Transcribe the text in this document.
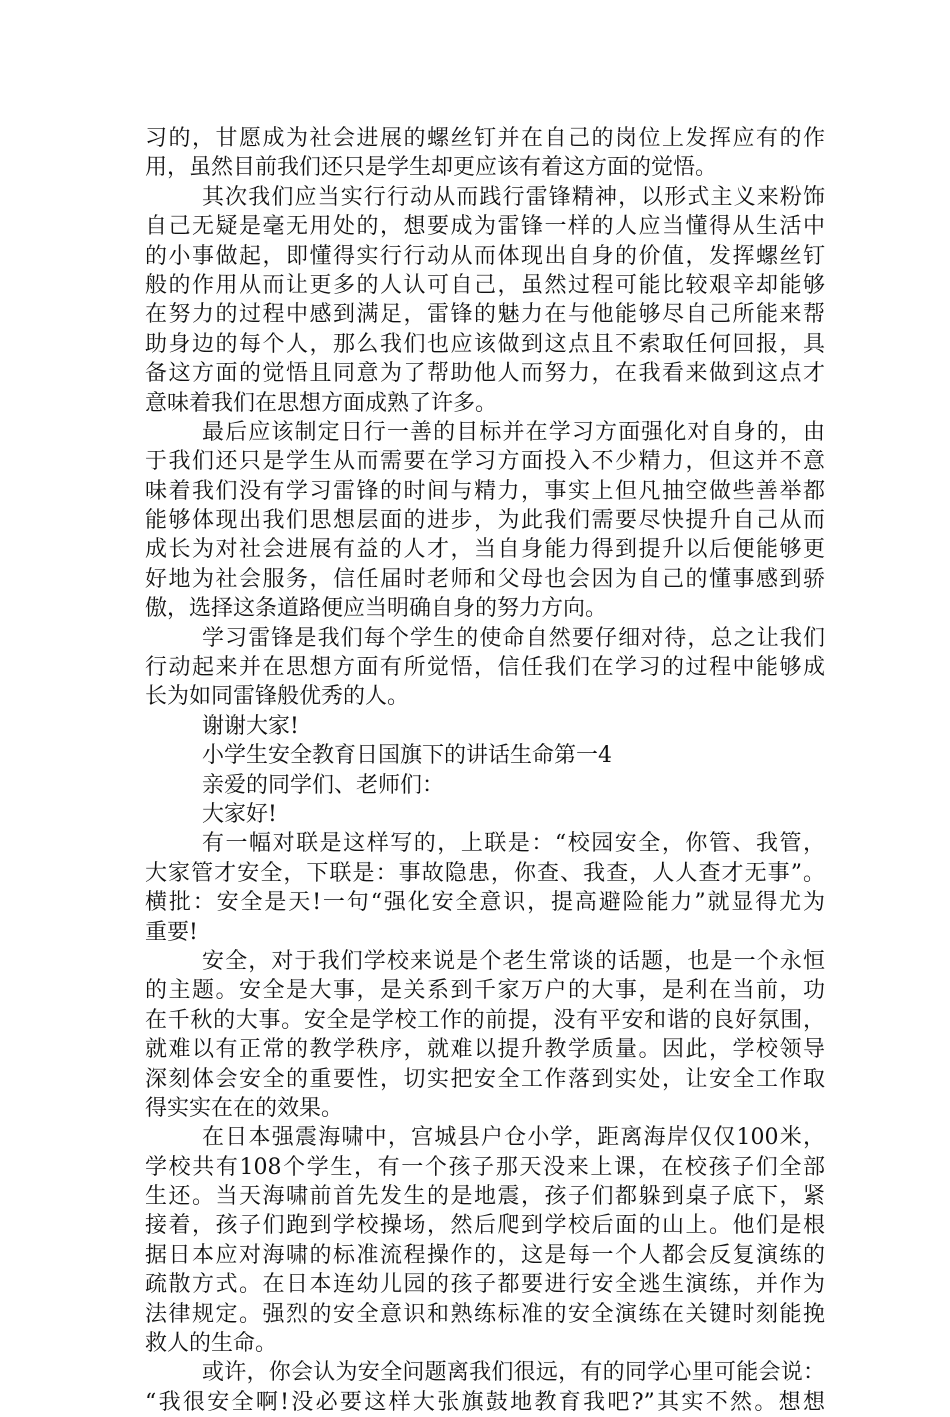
习的，甘愿成为社会进展的螺丝钉并在自己的岗位上发挥应有的作
用，虽然目前我们还只是学生却更应该有着这方面的觉悟。
其次我们应当实行行动从而践行雷锋精神，以形式主义来粉饰
自己无疑是毫无用处的，想要成为雷锋一样的人应当懂得从生活中
的小事做起，即懂得实行行动从而体现出自身的价值，发挥螺丝钉
般的作用从而让更多的人认可自己，虽然过程可能比较艰辛却能够
在努力的过程中感到满足，雷锋的魅力在与他能够尽自己所能来帮
助身边的每个人，那么我们也应该做到这点且不索取任何回报，具
备这方面的觉悟且同意为了帮助他人而努力，在我看来做到这点才
意味着我们在思想方面成熟了许多。
最后应该制定日行一善的目标并在学习方面强化对自身的，由
于我们还只是学生从而需要在学习方面投入不少精力，但这并不意
味着我们没有学习雷锋的时间与精力，事实上但凡抽空做些善举都
能够体现出我们思想层面的进步，为此我们需要尽快提升自己从而
成长为对社会进展有益的人才，当自身能力得到提升以后便能够更
好地为社会服务，信任届时老师和父母也会因为自己的懂事感到骄
傲，选择这条道路便应当明确自身的努力方向。
学习雷锋是我们每个学生的使命自然要仔细对待，总之让我们
行动起来并在思想方面有所觉悟，信任我们在学习的过程中能够成
长为如同雷锋般优秀的人。
谢谢大家!
小学生安全教育日国旗下的讲话生命第一4
亲爱的同学们、老师们：
大家好!
有一幅对联是这样写的，上联是：“校园安全，你管、我管，
大家管才安全，下联是：事故隐患，你查、我查，人人查才无事”。
横批：安全是天!一句“强化安全意识，提高避险能力”就显得尤为
重要!
安全，对于我们学校来说是个老生常谈的话题，也是一个永恒
的主题。安全是大事，是关系到千家万户的大事，是利在当前，功
在千秋的大事。安全是学校工作的前提，没有平安和谐的良好氛围，
就难以有正常的教学秩序，就难以提升教学质量。因此，学校领导
深刻体会安全的重要性，切实把安全工作落到实处，让安全工作取
得实实在在的效果。
在日本强震海啸中，宫城县户仓小学，距离海岸仅仅100米，
学校共有108个学生，有一个孩子那天没来上课，在校孩子们全部
生还。当天海啸前首先发生的是地震，孩子们都躲到桌子底下，紧
接着，孩子们跑到学校操场，然后爬到学校后面的山上。他们是根
据日本应对海啸的标准流程操作的，这是每一个人都会反复演练的
疏散方式。在日本连幼儿园的孩子都要进行安全逃生演练，并作为
法律规定。强烈的安全意识和熟练标准的安全演练在关键时刻能挽
救人的生命。
或许，你会认为安全问题离我们很远，有的同学心里可能会说：
“我很安全啊!没必要这样大张旗鼓地教育我吧?”其实不然。想想
